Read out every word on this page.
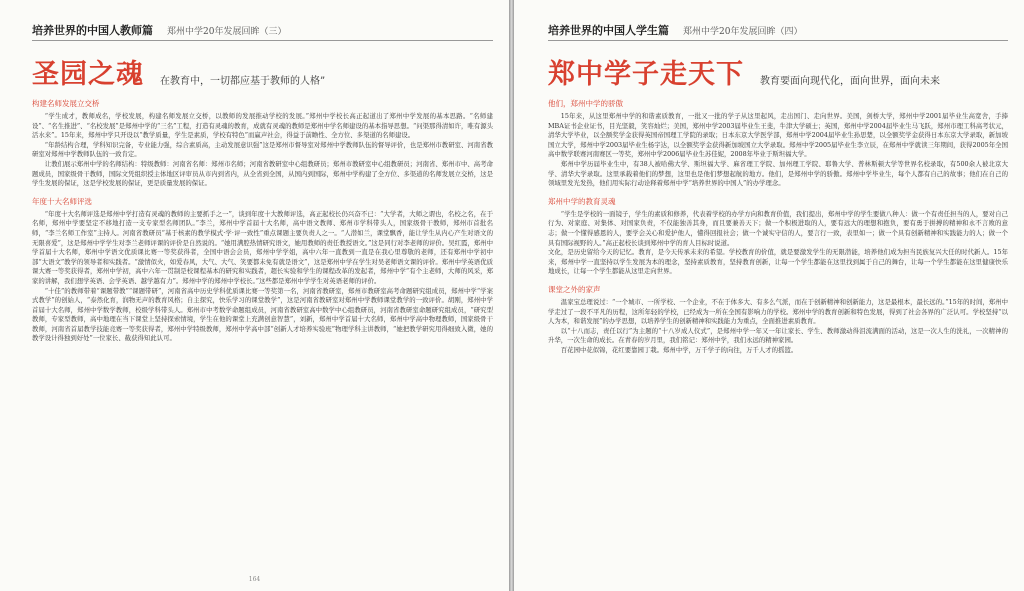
培养世界的中国人教师篇 郑州中学20年发展回眸（三）
圣园之魂 在教育中，一切都应基于教师的人格”
构建名师发展立交桥

“学生成才，教师成名，学校发展，构建名师发展立交桥，以教师的发展推动学校的发展。”郑州中学校长高正起道出了郑州中学发展的基本思路。“名师建设”、“名生推进”、“名校发展”是郑州中学的“三名”工程，打造有灵魂的教育，成就有灵魂的教师是郑州中学名师建设的基本指导思想。“问渠那得清如许，唯有源头活水来”。15年来，郑州中学只开设以“教学质量，学生是素质，学校有特色”而赢声社会，得益于前瞻性、全方位、多渠道的名师建设。

“年龄结构合理，学科知识完备，专业能力强，综合素质高，主动发展意识强”这是郑州市督导室对郑州中学教师队伍的督导评价，也是郑州市教研室、河南省教研室对郑州中学教师队伍的一致肯定。

让教们展示郑州中学的名师结构：特级教师：河南省名师：郑州市名师；河南省教研室中心组教研员；郑州市教研室中心组教研员；河南省、郑州市中、高考命题成员，国家级骨干教师，国际文凭组织授主体地区评审员从市内到省内，从全省到全国，从国内到国际，郑州中学构建了全方位、多渠道的名师发展立交桥，这是学生发展的保证，这是学校发展的保证，更是质量发展的保证。

年度十大名师评选

“年度十大名师评选是郑州中学打造有灵魂的教师的主要抓手之一”，谈到年度十大教师评选，高正起校长仍兴奋不已：“大学者，大师之谓也，名校之名，在于名师，郑州中学要坚定不移地打造一支专家型名师团队。”李兰，郑州中学首届十大名师，高中语文教师、郑州市学科带头人，国家级骨干教师，郑州市首批名师，“李兰名师工作室”主持人。河南省教研员“基于核素的教学模式·学·评一致性”重点课题主要负责人之一。“人潜如兰，课堂飘香，能让学生从内心产生对语文的无限喜爱”，这是郑州中学学生对李兰老师评课的评价是自然说的。“她用满腔热情研究语文，她用教师的责任教授语文。”这是同行对李老师的评价。吴红霞，郑州中学首届十大名师，郑州中学语文优质课比赛一等奖获得者，全国中语会会员，郑州中学学姐，高中六年一直教到一直是在我心里尊敬的老师，还有郑州中学初中部“大语文”教学的领导者和实践者。“激情似火，如爱春风，大气、大气、笑要都未免有就是语文”，这是郑州中学在学生对吴老师语文课的评价。郑州中学英语优质课大赛一等奖获得者，郑州中学初，高中六年一贯制是校课程基本的研究和实践者，超长实验和学生的课程改革的发起者，郑州中学“有个主老师，大师的风采，郑家的讲解，我们想学英语、会学英语、越学越有力”。郑州中学的郑州中学校长。”这些都是郑州中学学生对英语老师的评价。

“十佳”的教师带着“课题带教”“课题带研”，河南省高中历史学科优质课比赛一等奖第一名，河南省教研室，郑州市教研室高考命题研究组成员，郑州中学“学案式教学”的创始人，“泰然化育，润物无声的教育风格；自主探究，快乐学习的课堂教学”，这是河南省教研室对郑州中学教师课堂教学的一致评价。胡刚，郑州中学首届十大名师，郑州中学数学教师，校级学科带头人。郑州市中考数学命题组成员，河南省教研室高中数学中心组教研员，河南省教研室命题研究组成员，“研究型教师，专家型教师，高中地理在当下课堂上坚持探索情境，学生在他的课堂上充满创意智慧”，刘新，郑州中学首届十大名师，郑州中学高中物理教师，国家级骨干教师，河南省首届教学技能竞赛一等奖获得者，郑州中学特级教师，郑州中学高中部“创新人才培养实验班”物理学科主讲教师，“她把教学研究用得细致入微，她的教学设计得独到好处”一位家长、截获得知此认可。

164
培养世界的中国人学生篇 郑州中学20年发展回眸（四）
郑中学子走天下 教育要面向现代化，面向世界，面向未来
他们，郑州中学的骄傲

15年来，从这里郑州中学的和谐素质教育，一批又一批的学子从这里起风，走出国门、走向世界。美国，剑桥大学，郑州中学2001届毕业生高宽舍，手捧MBA证书企业证书，目光坚毅，笑容灿烂；美国，郑州中学2003届毕业生王斐，牛津大学硕士；英国，郑州中学2004届毕业生马飞跃，郑州市理工科高考状元，清华大学毕业，以全额奖学金获得英国帝国理工学院的录取；日本东京大学医学部，郑州中学2004届毕业生孙思楚，以全额奖学金获得日本东京大学录取，新加坡国立大学，郑州中学2003届毕业生杨宇达，以全额奖学金获得新加坡国立大学录取。郑州中学2005届毕业生李立辰，在郑州中学就读三年期间，获得2005年全国高中数学联赛河南赛区一等奖，郑州中学2006届毕业生苏佳妮，2008年毕业于斯坦福大学。

郑州中学历届毕业生中，有38人被哈佛大学、斯坦福大学、麻省理工学院、加州理工学院、耶鲁大学、普林斯顿大学等世界名校录取，有500余人被北京大学、清华大学录取。这里承载着他们的梦想，这里也是他们梦想起航的地方。他们，是郑州中学的骄傲。郑州中学毕业生，每个人都有自己的故事；他们在自己的领域里发光发热，他们用实际行动诠释着郑州中学“培养世界的中国人”的办学理念。

郑州中学的教育灵魂

“学生是学校的一面镜子，学生的素质和修养，代表着学校的办学方向和教育价值，我们提出，郑州中学的学生要做八种人：做一个有责任担当的人，要对自己行为、对家庭、对集体、对国家负责，不仅能独善其身，而且要兼善天下；做一个积极进取的人，要有远大的理想和抱负，要有勇于拼搏的精神和永不言败的意志；做一个懂得感恩的人，要学会关心和爱护他人，懂得回报社会；做一个诚实守信的人，要言行一致，表里如一；做一个具有创新精神和实践能力的人；做一个具有国际视野的人。”高正起校长谈到郑州中学的育人目标时说道。

文化，是历史留给今天的记忆。教育，是今天传承未来的希望。学校教育的价值，就是要激发学生的无限潜能，培养他们成为担当民族复兴大任的时代新人。15年来，郑州中学一直坚持以学生发展为本的理念，坚持素质教育，坚持教育创新，让每一个学生都能在这里找到属于自己的舞台，让每一个学生都能在这里健康快乐地成长，让每一个学生都能从这里走向世界。

课堂之外的家声

温家宝总理说过：“一个城市、一所学校、一个企业，不在于体多大、有多么气派，而在于创新精神和创新能力，这是最根本，最长远的。”15年的时间，郑州中学走过了一段不平凡的历程，这所年轻的学校，已经成为一所在全国有影响力的学校。郑州中学的教育创新和特色发展，得到了社会各界的广泛认可。学校坚持“以人为本，和谐发展”的办学思想，以培养学生的创新精神和实践能力为重点，全面推进素质教育。

以“十八而志，责任以行”为主题的“十八岁成人仪式”，是郑州中学一年又一年让家长、学生、教师激动得泪流满面的活动，这是一次人生的洗礼，一次精神的升华，一次生命的成长。在青春的岁月里，我们铭记：郑州中学，我们永远的精神家园。

百花园中花似锦，花红要靠园丁栽。郑州中学，万千学子的向往，万千人才的摇篮。
